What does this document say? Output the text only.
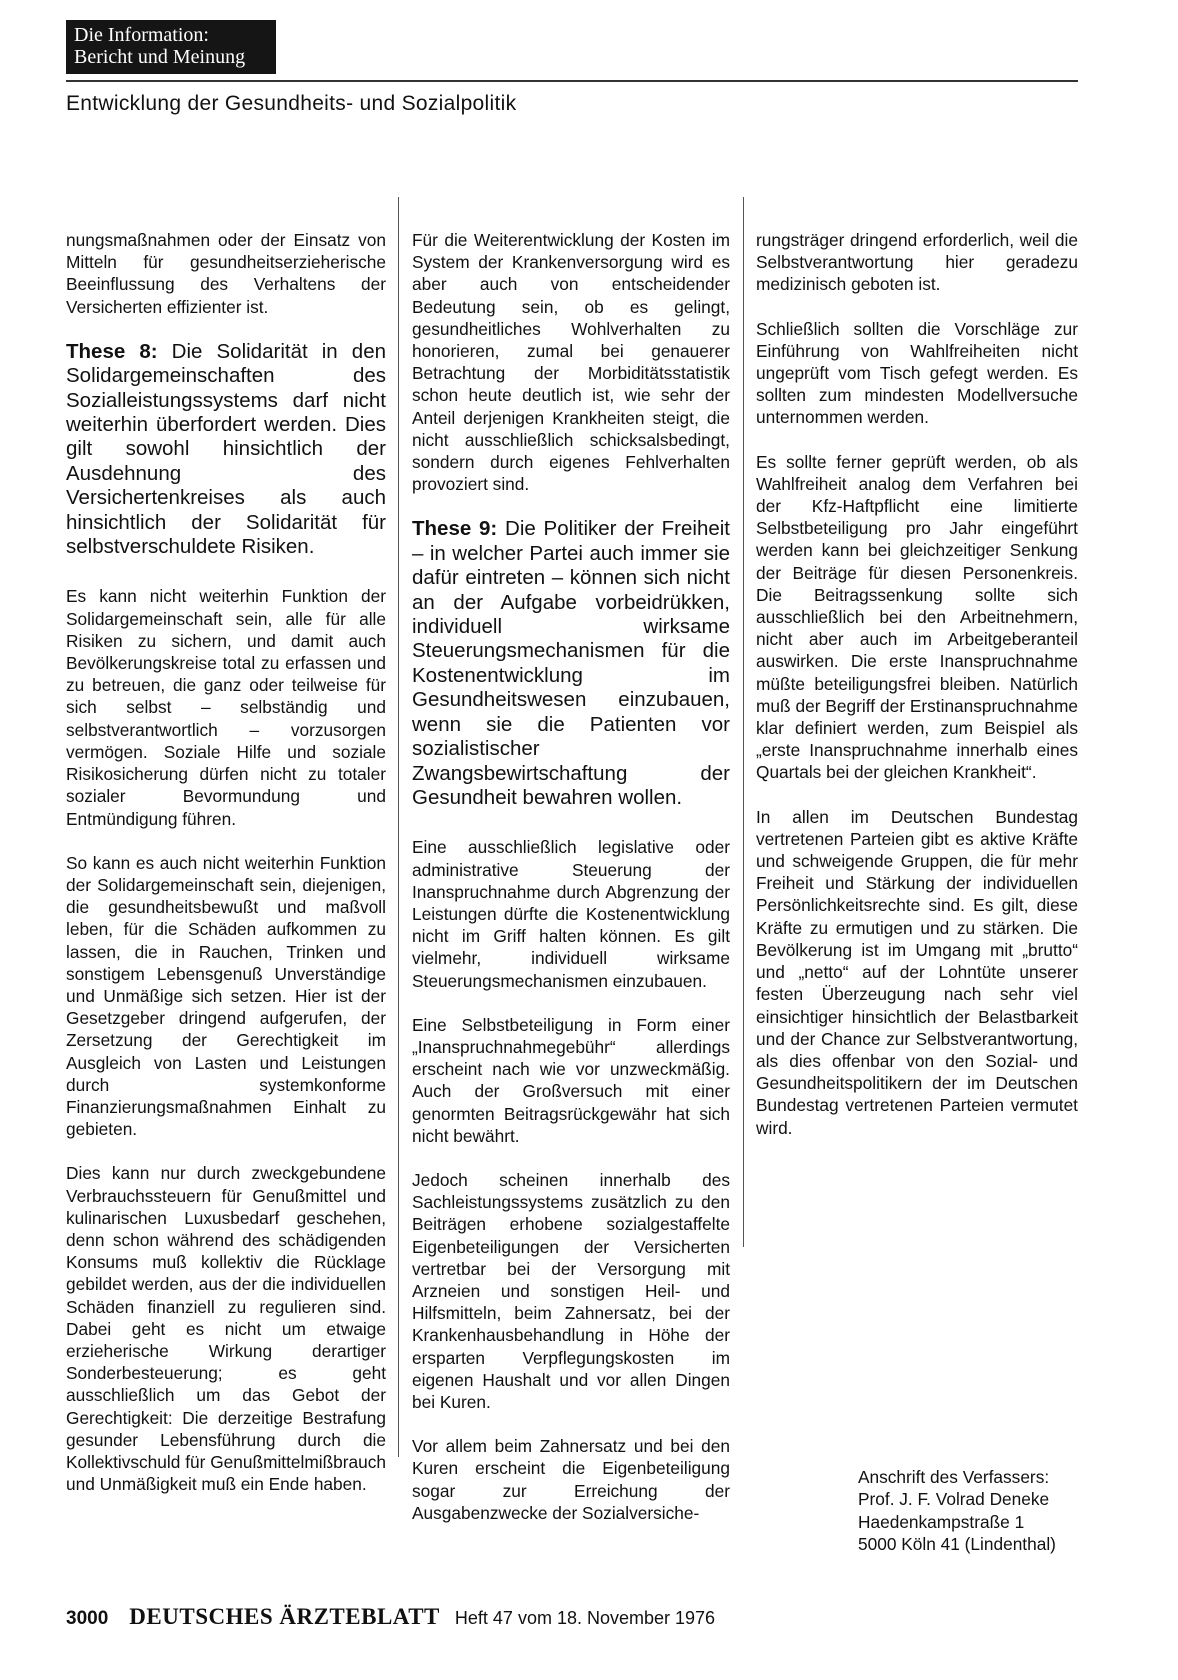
Die Information:
Bericht und Meinung
Entwicklung der Gesundheits- und Sozialpolitik

nungsmaßnahmen oder der Einsatz von Mitteln für gesundheitserzieherische Beeinflussung des Verhaltens der Versicherten effizienter ist.

These 8: Die Solidarität in den Solidargemeinschaften des Sozialleistungssystems darf nicht weiterhin überfordert werden. Dies gilt sowohl hinsichtlich der Ausdehnung des Versichertenkreises als auch hinsichtlich der Solidarität für selbstverschuldete Risiken.

Es kann nicht weiterhin Funktion der Solidargemeinschaft sein, alle für alle Risiken zu sichern, und damit auch Bevölkerungskreise total zu erfassen und zu betreuen, die ganz oder teilweise für sich selbst – selbständig und selbstverantwortlich – vorzusorgen vermögen. Soziale Hilfe und soziale Risikosicherung dürfen nicht zu totaler sozialer Bevormundung und Entmündigung führen.

So kann es auch nicht weiterhin Funktion der Solidargemeinschaft sein, diejenigen, die gesundheitsbewußt und maßvoll leben, für die Schäden aufkommen zu lassen, die in Rauchen, Trinken und sonstigem Lebensgenuß Unverständige und Unmäßige sich setzen. Hier ist der Gesetzgeber dringend aufgerufen, der Zersetzung der Gerechtigkeit im Ausgleich von Lasten und Leistungen durch systemkonforme Finanzierungsmaßnahmen Einhalt zu gebieten.

Dies kann nur durch zweckgebundene Verbrauchssteuern für Genußmittel und kulinarischen Luxusbedarf geschehen, denn schon während des schädigenden Konsums muß kollektiv die Rücklage gebildet werden, aus der die individuellen Schäden finanziell zu regulieren sind. Dabei geht es nicht um etwaige erzieherische Wirkung derartiger Sonderbesteuerung; es geht ausschließlich um das Gebot der Gerechtigkeit: Die derzeitige Bestrafung gesunder Lebensführung durch die Kollektivschuld für Genußmittelmißbrauch und Unmäßigkeit muß ein Ende haben.

Für die Weiterentwicklung der Kosten im System der Krankenversorgung wird es aber auch von entscheidender Bedeutung sein, ob es gelingt, gesundheitliches Wohlverhalten zu honorieren, zumal bei genauerer Betrachtung der Morbiditätsstatistik schon heute deutlich ist, wie sehr der Anteil derjenigen Krankheiten steigt, die nicht ausschließlich schicksalsbedingt, sondern durch eigenes Fehlverhalten provoziert sind.

These 9: Die Politiker der Freiheit – in welcher Partei auch immer sie dafür eintreten – können sich nicht an der Aufgabe vorbeidrükken, individuell wirksame Steuerungsmechanismen für die Kostenentwicklung im Gesundheitswesen einzubauen, wenn sie die Patienten vor sozialistischer Zwangsbewirtschaftung der Gesundheit bewahren wollen.

Eine ausschließlich legislative oder administrative Steuerung der Inanspruchnahme durch Abgrenzung der Leistungen dürfte die Kostenentwicklung nicht im Griff halten können. Es gilt vielmehr, individuell wirksame Steuerungsmechanismen einzubauen.

Eine Selbstbeteiligung in Form einer „Inanspruchnahmegebühr“ allerdings erscheint nach wie vor unzweckmäßig. Auch der Großversuch mit einer genormten Beitragsrückgewähr hat sich nicht bewährt.

Jedoch scheinen innerhalb des Sachleistungssystems zusätzlich zu den Beiträgen erhobene sozialgestaffelte Eigenbeteiligungen der Versicherten vertretbar bei der Versorgung mit Arzneien und sonstigen Heil- und Hilfsmitteln, beim Zahnersatz, bei der Krankenhausbehandlung in Höhe der ersparten Verpflegungskosten im eigenen Haushalt und vor allen Dingen bei Kuren.

Vor allem beim Zahnersatz und bei den Kuren erscheint die Eigenbeteiligung sogar zur Erreichung der Ausgabenzwecke der Sozialversiche-

rungsträger dringend erforderlich, weil die Selbstverantwortung hier geradezu medizinisch geboten ist.

Schließlich sollten die Vorschläge zur Einführung von Wahlfreiheiten nicht ungeprüft vom Tisch gefegt werden. Es sollten zum mindesten Modellversuche unternommen werden.

Es sollte ferner geprüft werden, ob als Wahlfreiheit analog dem Verfahren bei der Kfz-Haftpflicht eine limitierte Selbstbeteiligung pro Jahr eingeführt werden kann bei gleichzeitiger Senkung der Beiträge für diesen Personenkreis. Die Beitragssenkung sollte sich ausschließlich bei den Arbeitnehmern, nicht aber auch im Arbeitgeberanteil auswirken. Die erste Inanspruchnahme müßte beteiligungsfrei bleiben. Natürlich muß der Begriff der Erstinanspruchnahme klar definiert werden, zum Beispiel als „erste Inanspruchnahme innerhalb eines Quartals bei der gleichen Krankheit“.

In allen im Deutschen Bundestag vertretenen Parteien gibt es aktive Kräfte und schweigende Gruppen, die für mehr Freiheit und Stärkung der individuellen Persönlichkeitsrechte sind. Es gilt, diese Kräfte zu ermutigen und zu stärken. Die Bevölkerung ist im Umgang mit „brutto“ und „netto“ auf der Lohntüte unserer festen Überzeugung nach sehr viel einsichtiger hinsichtlich der Belastbarkeit und der Chance zur Selbstverantwortung, als dies offenbar von den Sozial- und Gesundheitspolitikern der im Deutschen Bundestag vertretenen Parteien vermutet wird.

Anschrift des Verfassers:
Prof. J. F. Volrad Deneke
Haedenkampstraße 1
5000 Köln 41 (Lindenthal)
3000 DEUTSCHES ÄRZTEBLATT Heft 47 vom 18. November 1976
